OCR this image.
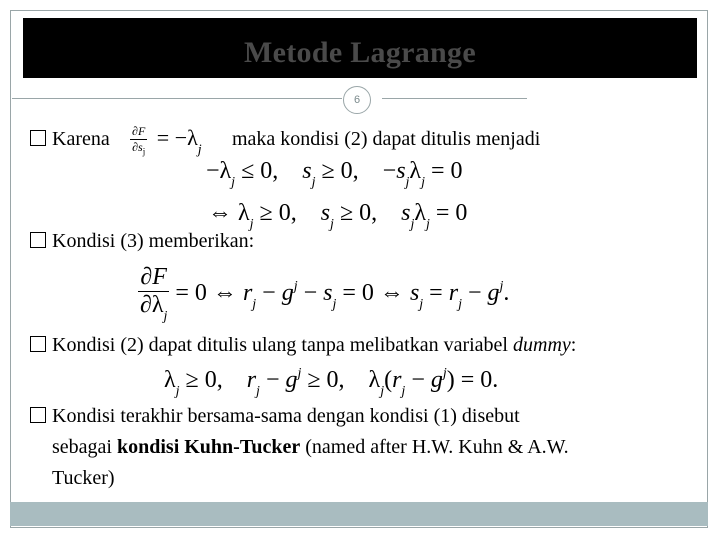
Metode Lagrange
6
Karena $\frac{\partial F}{\partial s_j} = -\lambda_j$ maka kondisi (2) dapat ditulis menjadi
$-\lambda_j \le 0$,    $s_j \ge 0$,    $-s_j\lambda_j = 0$
⇔ $\lambda_j \ge 0$,    $s_j \ge 0$,    $s_j\lambda_j = 0$
Kondisi (3) memberikan:
$\frac{\partial F}{\partial\lambda_j} = 0$ ⇔ $r_j - g^j - s_j = 0$ ⇔ $s_j = r_j - g^j$.
Kondisi (2) dapat ditulis ulang tanpa melibatkan variabel dummy:
$\lambda_j \ge 0$,    $r_j - g^j \ge 0$,    $\lambda_j(r_j - g^j) = 0$.
Kondisi terakhir bersama-sama dengan kondisi (1) disebut
sebagai kondisi Kuhn-Tucker (named after H.W. Kuhn & A.W.
Tucker)
